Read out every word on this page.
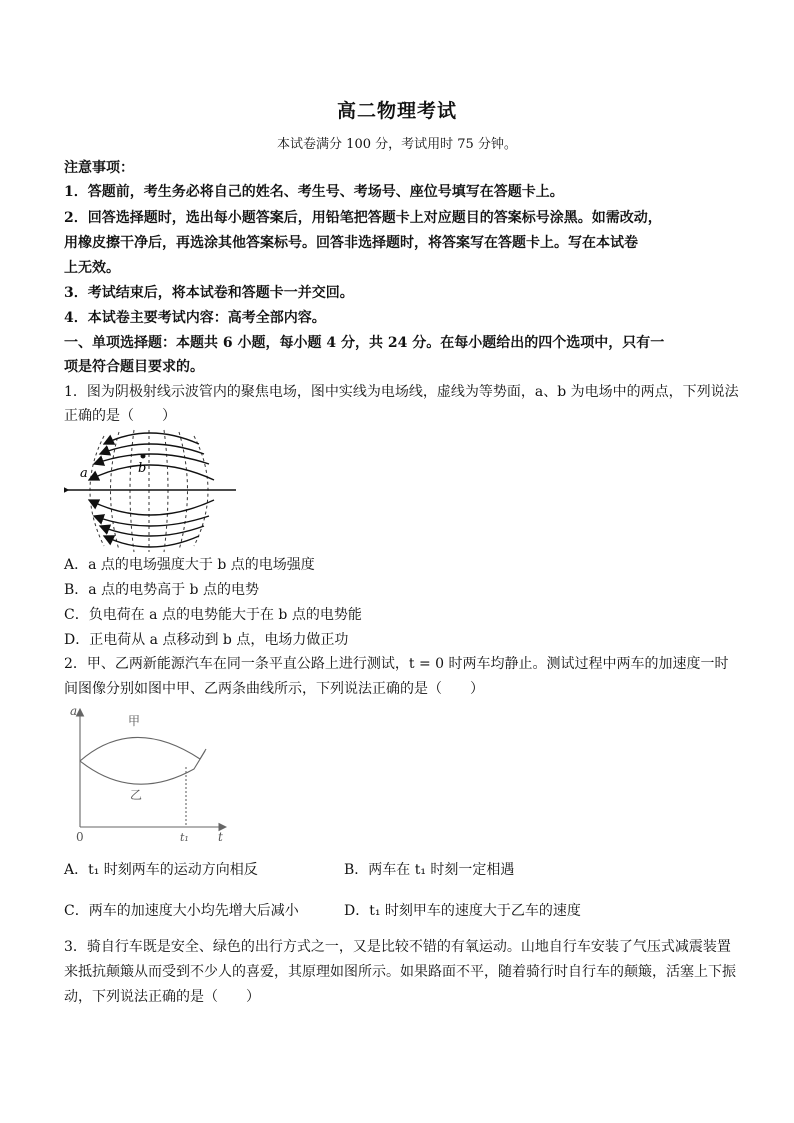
高二物理考试
本试卷满分 100 分，考试用时 75 分钟。
注意事项：
1．答题前，考生务必将自己的姓名、考生号、考场号、座位号填写在答题卡上。
2．回答选择题时，选出每小题答案后，用铅笔把答题卡上对应题目的答案标号涂黑。如需改动，
用橡皮擦干净后，再选涂其他答案标号。回答非选择题时，将答案写在答题卡上。写在本试卷
上无效。
3．考试结束后，将本试卷和答题卡一并交回。
4．本试卷主要考试内容：高考全部内容。
一、单项选择题：本题共 6 小题，每小题 4 分，共 24 分。在每小题给出的四个选项中，只有一
项是符合题目要求的。
1．图为阴极射线示波管内的聚焦电场，图中实线为电场线，虚线为等势面，a、b 为电场中的两点，下列说法
正确的是（　　）
a	b
A．a 点的电场强度大于 b 点的电场强度
B．a 点的电势高于 b 点的电势
C．负电荷在 a 点的电势能大于在 b 点的电势能
D．正电荷从 a 点移动到 b 点，电场力做正功
2．甲、乙两新能源汽车在同一条平直公路上进行测试，t = 0 时两车均静止。测试过程中两车的加速度一时
间图像分别如图中甲、乙两条曲线所示，下列说法正确的是（　　）
a
t
0	t₁
甲
乙
A．t₁ 时刻两车的运动方向相反	B．两车在 t₁ 时刻一定相遇
C．两车的加速度大小均先增大后减小	D．t₁ 时刻甲车的速度大于乙车的速度
3．骑自行车既是安全、绿色的出行方式之一，又是比较不错的有氧运动。山地自行车安装了气压式减震装置
来抵抗颠簸从而受到不少人的喜爱，其原理如图所示。如果路面不平，随着骑行时自行车的颠簸，活塞上下振
动，下列说法正确的是（　　）
